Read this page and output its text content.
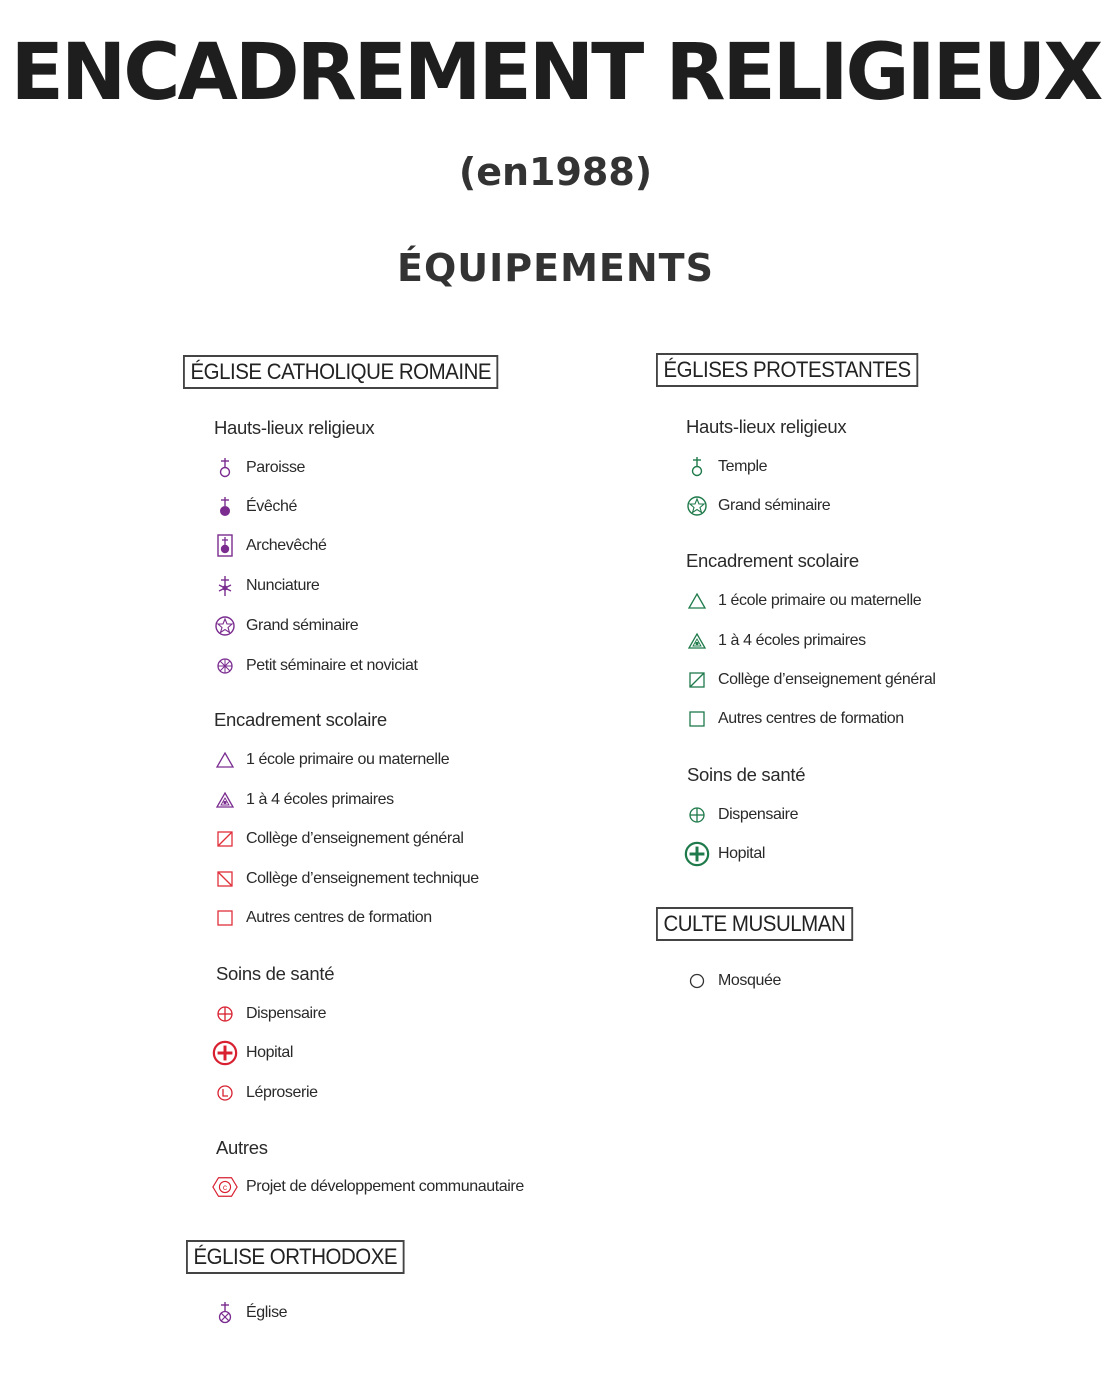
ENCADREMENT RELIGIEUX
(en1988)
ÉQUIPEMENTS
ÉGLISE CATHOLIQUE ROMAINE
Hauts-lieux religieux
Paroisse
Évêché
Archevêché
Nunciature
Grand séminaire
Petit séminaire et noviciat
Encadrement scolaire
1 école primaire ou maternelle
1 à 4 écoles primaires
Collège d’enseignement général
Collège d’enseignement technique
Autres centres de formation
Soins de santé
Dispensaire
Hopital
Léproserie
Autres
c Projet de développement communautaire
ÉGLISE ORTHODOXE
Église
ÉGLISES PROTESTANTES
Hauts-lieux religieux
Temple
Grand séminaire
Encadrement scolaire
1 école primaire ou maternelle
1 à 4 écoles primaires
Collège d’enseignement général
Autres centres de formation
Soins de santé
Dispensaire
Hopital
CULTE MUSULMAN
Mosquée
